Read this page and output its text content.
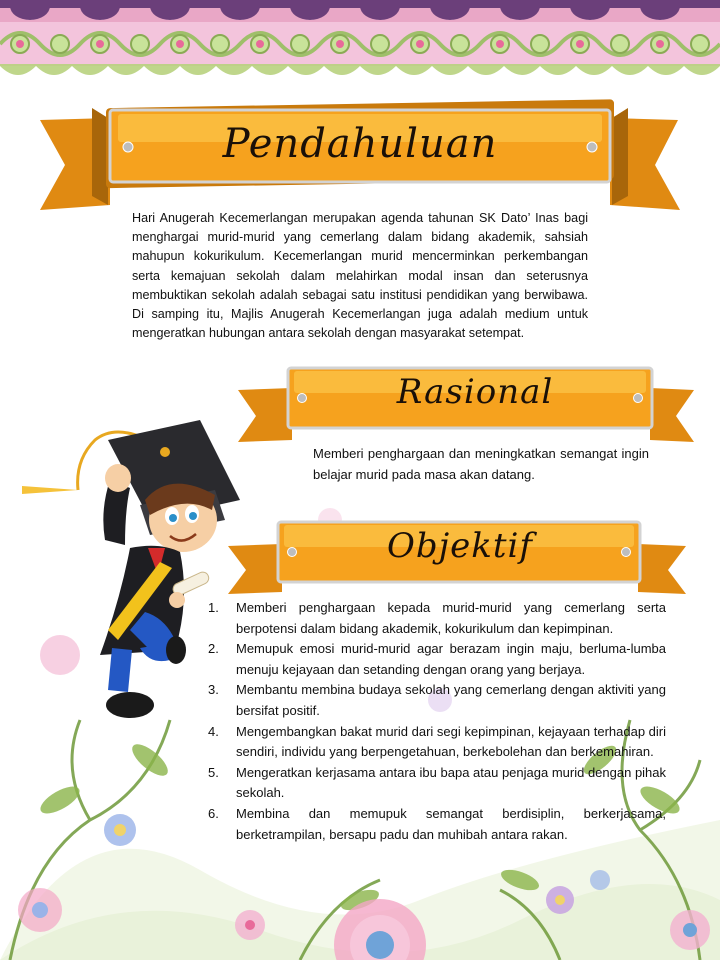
Pendahuluan
Hari Anugerah Kecemerlangan merupakan agenda tahunan SK Dato’ Inas bagi menghargai murid-murid yang cemerlang dalam bidang akademik, sahsiah mahupun kokurikulum. Kecemerlangan murid mencerminkan perkembangan serta kemajuan sekolah dalam melahirkan modal insan dan seterusnya membuktikan sekolah adalah sebagai satu institusi pendidikan yang berwibawa. Di samping itu, Majlis Anugerah Kecemerlangan juga adalah medium untuk mengeratkan hubungan antara sekolah dengan masyarakat setempat.
Rasional
Memberi penghargaan dan meningkatkan semangat ingin belajar murid pada masa akan datang.
Objektif
1. Memberi penghargaan kepada murid-murid yang cemerlang serta berpotensi dalam bidang akademik, kokurikulum dan kepimpinan.
2. Memupuk emosi murid-murid agar berazam ingin maju, berluma-lumba menuju kejayaan dan setanding dengan orang yang berjaya.
3. Membantu membina budaya sekolah yang cemerlang dengan aktiviti yang bersifat positif.
4. Mengembangkan bakat murid dari segi kepimpinan, kejayaan terhadap diri sendiri, individu yang berpengetahuan, berkebolehan dan berkemahiran.
5. Mengeratkan kerjasama antara ibu bapa atau penjaga murid dengan pihak sekolah.
6. Membina dan memupuk semangat berdisiplin, berkerjasama, berketrampilan, bersapu padu dan muhibah antara rakan.
